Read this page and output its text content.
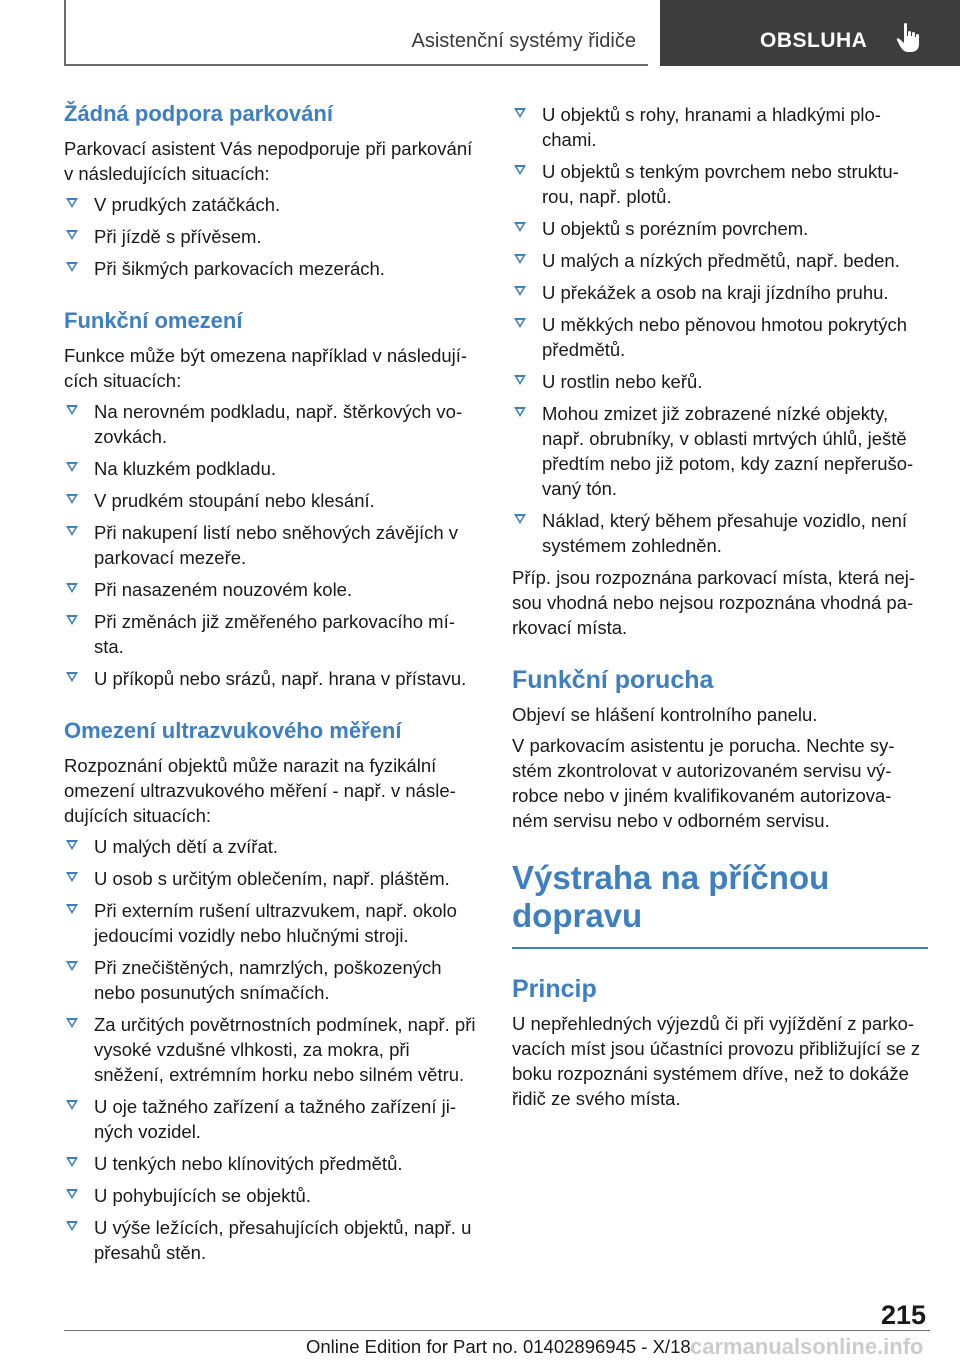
Asistenční systémy řidiče	OBSLUHA
Žádná podpora parkování

Parkovací asistent Vás nepodporuje při parkování v následujících situacích:

V prudkých zatáčkách.
Při jízdě s přívěsem.
Při šikmých parkovacích mezerách.
Funkční omezení

Funkce může být omezena například v následují‐ cích situacích:

Na nerovném podkladu, např. štěrkových vo‐ zovkách.
Na kluzkém podkladu.
V prudkém stoupání nebo klesání.
Při nakupení listí nebo sněhových závějích v parkovací mezeře.
Při nasazeném nouzovém kole.
Při změnách již změřeného parkovacího mí‐ sta.
U příkopů nebo srázů, např. hrana v přístavu.
Omezení ultrazvukového měření

Rozpoznání objektů může narazit na fyzikální omezení ultrazvukového měření - např. v násle‐ dujících situacích:

U malých dětí a zvířat.
U osob s určitým oblečením, např. pláštěm.
Při externím rušení ultrazvukem, např. okolo jedoucími vozidly nebo hlučnými stroji.
Při znečištěných, namrzlých, poškozených nebo posunutých snímačích.
Za určitých povětrnostních podmínek, např. při vysoké vzdušné vlhkosti, za mokra, při sněžení, extrémním horku nebo silném větru.
U oje tažného zařízení a tažného zařízení ji‐ ných vozidel.
U tenkých nebo klínovitých předmětů.
U pohybujících se objektů.
U výše ležících, přesahujících objektů, např. u přesahů stěn.
U objektů s rohy, hranami a hladkými plo‐ chami.
U objektů s tenkým povrchem nebo struktu‐ rou, např. plotů.
U objektů s porézním povrchem.
U malých a nízkých předmětů, např. beden.
U překážek a osob na kraji jízdního pruhu.
U měkkých nebo pěnovou hmotou pokrytých předmětů.
U rostlin nebo keřů.
Mohou zmizet již zobrazené nízké objekty, např. obrubníky, v oblasti mrtvých úhlů, ještě předtím nebo již potom, kdy zazní nepřerušo‐ vaný tón.
Náklad, který během přesahuje vozidlo, není systémem zohledněn.

Příp. jsou rozpoznána parkovací místa, která nej‐ sou vhodná nebo nejsou rozpoznána vhodná pa‐ rkovací místa.

Funkční porucha

Objeví se hlášení kontrolního panelu.

V parkovacím asistentu je porucha. Nechte sy‐ stém zkontrolovat v autorizovaném servisu vý‐ robce nebo v jiném kvalifikovaném autorizova‐ ném servisu nebo v odborném servisu.

Výstraha na příčnou
dopravu
Princip

U nepřehledných výjezdů či při vyjíždění z parko‐ vacích míst jsou účastníci provozu přibližující se z boku rozpoznáni systémem dříve, než to dokáže řidič ze svého místa.

215
Online Edition for Part no. 01402896945 - X/18 carmanualsonline.info
